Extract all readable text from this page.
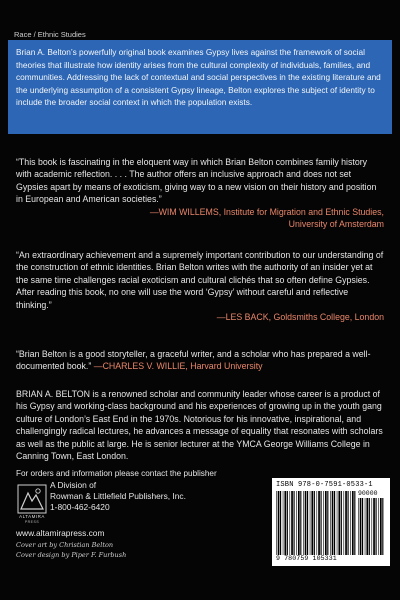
Race / Ethnic Studies

Brian A. Belton’s powerfully original book examines Gypsy lives against the framework of social theories that illustrate how identity arises from the cultural complexity of individuals, families, and communities. Addressing the lack of contextual and social perspectives in the existing literature and the underlying assumption of a consistent Gypsy lineage, Belton explores the subject of identity to include the broader social context in which the population exists.

“This book is fascinating in the eloquent way in which Brian Belton combines family history with academic reflection. . . . The author offers an inclusive approach and does not set Gypsies apart by means of exoticism, giving way to a new vision on their history and position in European and American societies.”
—WIM WILLEMS, Institute for Migration and Ethnic Studies,
University of Amsterdam
“An extraordinary achievement and a supremely important contribution to our understanding of the construction of ethnic identities. Brian Belton writes with the authority of an insider yet at the same time challenges racial exoticism and cultural clichés that so often define Gypsies. After reading this book, no one will use the word ‘Gypsy’ without careful and reflective thinking.”
—LES BACK, Goldsmiths College, London
“Brian Belton is a good storyteller, a graceful writer, and a scholar who has prepared a well-documented book.” —CHARLES V. WILLIE, Harvard University
BRIAN A. BELTON is a renowned scholar and community leader whose career is a product of his Gypsy and working-class background and his experiences of growing up in the youth gang culture of London’s East End in the 1970s. Notorious for his innovative, inspirational, and challengingly radical lectures, he advances a message of equality that resonates with scholars as well as the public at large. He is senior lecturer at the YMCA George Williams College in Canning Town, East London.
For orders and information please contact the publisher
ALTAMIRA
PRESS
A Division of
Rowman & Littlefield Publishers, Inc.
1-800-462-6420
www.altamirapress.com
Cover art by Christian Belton
Cover design by Piper F. Furbush
ISBN 978-0-7591-0533-1
90000
9 780759 105331
